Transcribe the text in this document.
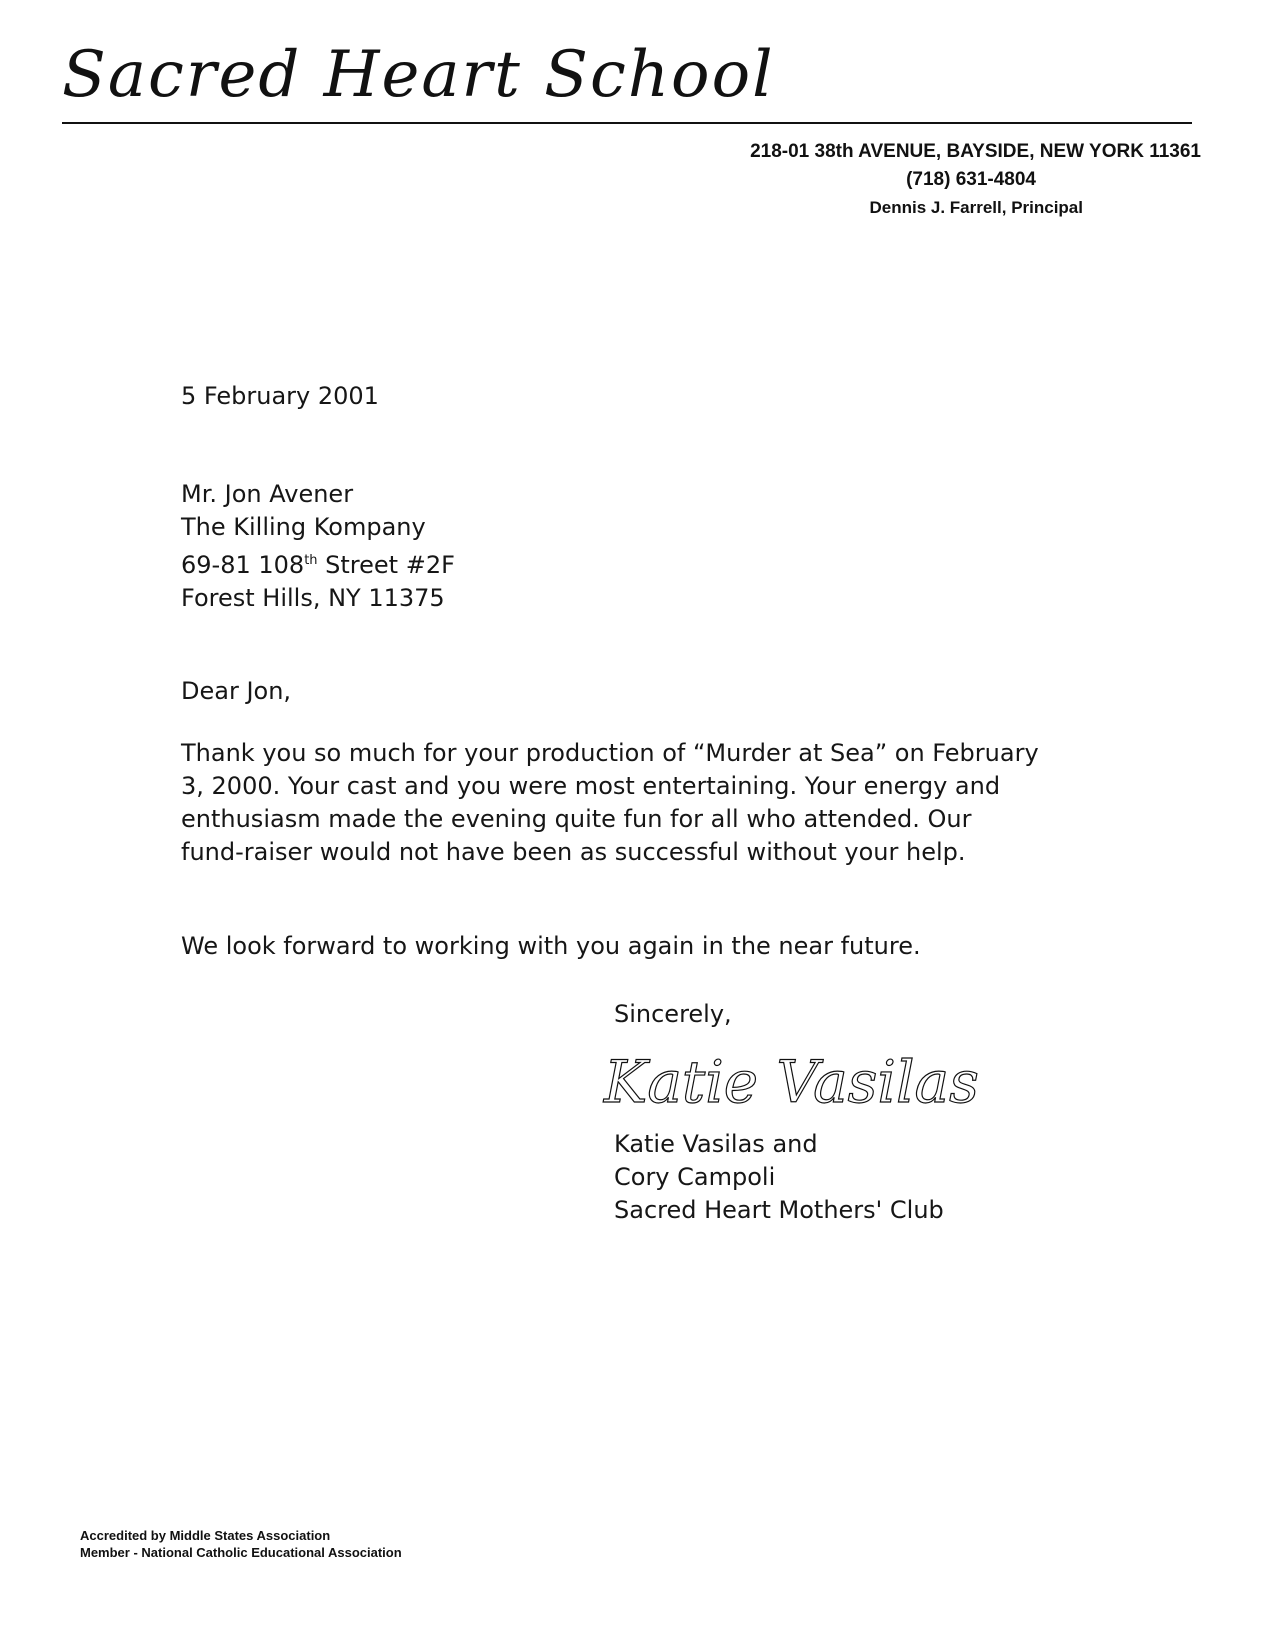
Sacred Heart School
218-01 38th AVENUE, BAYSIDE, NEW YORK 11361
(718) 631-4804
Dennis J. Farrell, Principal
5 February 2001
Mr. Jon Avener
The Killing Kompany
69-81 108th Street #2F
Forest Hills, NY 11375
Dear Jon,
Thank you so much for your production of “Murder at Sea” on February 3, 2000. Your cast and you were most entertaining. Your energy and enthusiasm made the evening quite fun for all who attended. Our fund-raiser would not have been as successful without your help.
We look forward to working with you again in the near future.
Sincerely,
Katie Vasilas
Katie Vasilas and
Cory Campoli
Sacred Heart Mothers' Club
Accredited by Middle States Association
Member - National Catholic Educational Association
